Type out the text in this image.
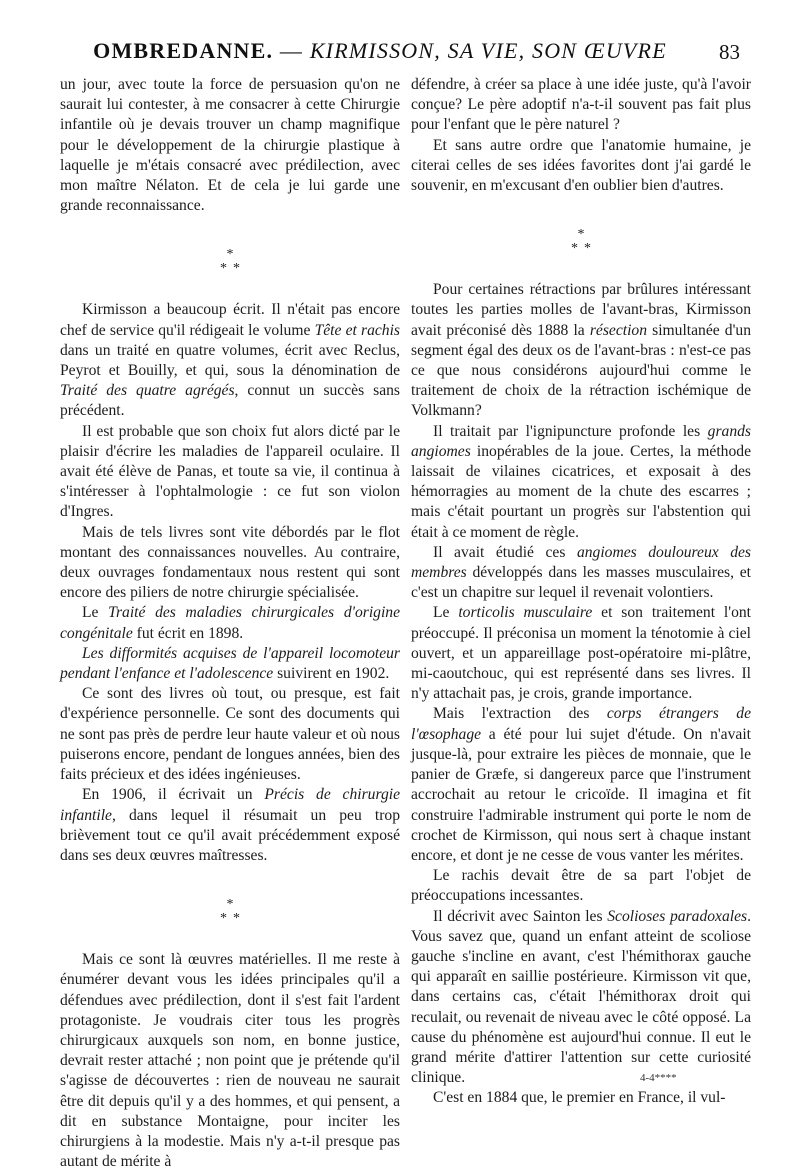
OMBREDANNE. — KIRMISSON, SA VIE, SON ŒUVRE	83

un jour, avec toute la force de persuasion qu'on ne saurait lui contester, à me consacrer à cette Chirurgie infantile où je devais trouver un champ magnifique pour le développement de la chirurgie plastique à laquelle je m'étais consacré avec prédilection, avec mon maître Nélaton. Et de cela je lui garde une grande reconnaissance.

*
**

Kirmisson a beaucoup écrit. Il n'était pas encore chef de service qu'il rédigeait le volume Tête et rachis dans un traité en quatre volumes, écrit avec Reclus, Peyrot et Bouilly, et qui, sous la dénomination de Traité des quatre agrégés, connut un succès sans précédent.

Il est probable que son choix fut alors dicté par le plaisir d'écrire les maladies de l'appareil oculaire. Il avait été élève de Panas, et toute sa vie, il continua à s'intéresser à l'ophtalmologie : ce fut son violon d'Ingres.

Mais de tels livres sont vite débordés par le flot montant des connaissances nouvelles. Au contraire, deux ouvrages fondamentaux nous restent qui sont encore des piliers de notre chirurgie spécialisée.

Le Traité des maladies chirurgicales d'origine congénitale fut écrit en 1898.

Les difformités acquises de l'appareil locomoteur pendant l'enfance et l'adolescence suivirent en 1902.

Ce sont des livres où tout, ou presque, est fait d'expérience personnelle. Ce sont des documents qui ne sont pas près de perdre leur haute valeur et où nous puiserons encore, pendant de longues années, bien des faits précieux et des idées ingénieuses.

En 1906, il écrivait un Précis de chirurgie infantile, dans lequel il résumait un peu trop brièvement tout ce qu'il avait précédemment exposé dans ses deux œuvres maîtresses.

*
**

Mais ce sont là œuvres matérielles. Il me reste à énumérer devant vous les idées principales qu'il a défendues avec prédilection, dont il s'est fait l'ardent protagoniste. Je voudrais citer tous les progrès chirurgicaux auxquels son nom, en bonne justice, devrait rester attaché ; non point que je prétende qu'il s'agisse de découvertes : rien de nouveau ne saurait être dit depuis qu'il y a des hommes, et qui pensent, a dit en substance Montaigne, pour inciter les chirurgiens à la modestie. Mais n'y a-t-il presque pas autant de mérite à

défendre, à créer sa place à une idée juste, qu'à l'avoir conçue? Le père adoptif n'a-t-il souvent pas fait plus pour l'enfant que le père naturel ?

Et sans autre ordre que l'anatomie humaine, je citerai celles de ses idées favorites dont j'ai gardé le souvenir, en m'excusant d'en oublier bien d'autres.

*
**

Pour certaines rétractions par brûlures intéressant toutes les parties molles de l'avant-bras, Kirmisson avait préconisé dès 1888 la résection simultanée d'un segment égal des deux os de l'avant-bras : n'est-ce pas ce que nous considérons aujourd'hui comme le traitement de choix de la rétraction ischémique de Volkmann?

Il traitait par l'ignipuncture profonde les grands angiomes inopérables de la joue. Certes, la méthode laissait de vilaines cicatrices, et exposait à des hémorragies au moment de la chute des escarres ; mais c'était pourtant un progrès sur l'abstention qui était à ce moment de règle.

Il avait étudié ces angiomes douloureux des membres développés dans les masses musculaires, et c'est un chapitre sur lequel il revenait volontiers.

Le torticolis musculaire et son traitement l'ont préoccupé. Il préconisa un moment la ténotomie à ciel ouvert, et un appareillage post-opératoire mi-plâtre, mi-caoutchouc, qui est représenté dans ses livres. Il n'y attachait pas, je crois, grande importance.

Mais l'extraction des corps étrangers de l'œsophage a été pour lui sujet d'étude. On n'avait jusque-là, pour extraire les pièces de monnaie, que le panier de Græfe, si dangereux parce que l'instrument accrochait au retour le cricoïde. Il imagina et fit construire l'admirable instrument qui porte le nom de crochet de Kirmisson, qui nous sert à chaque instant encore, et dont je ne cesse de vous vanter les mérites.

Le rachis devait être de sa part l'objet de préoccupations incessantes.

Il décrivit avec Sainton les Scolioses paradoxales. Vous savez que, quand un enfant atteint de scoliose gauche s'incline en avant, c'est l'hémithorax gauche qui apparaît en saillie postérieure. Kirmisson vit que, dans certains cas, c'était l'hémithorax droit qui reculait, ou revenait de niveau avec le côté opposé. La cause du phénomène est aujourd'hui connue. Il eut le grand mérite d'attirer l'attention sur cette curiosité clinique.

C'est en 1884 que, le premier en France, il vul-

4-4****
